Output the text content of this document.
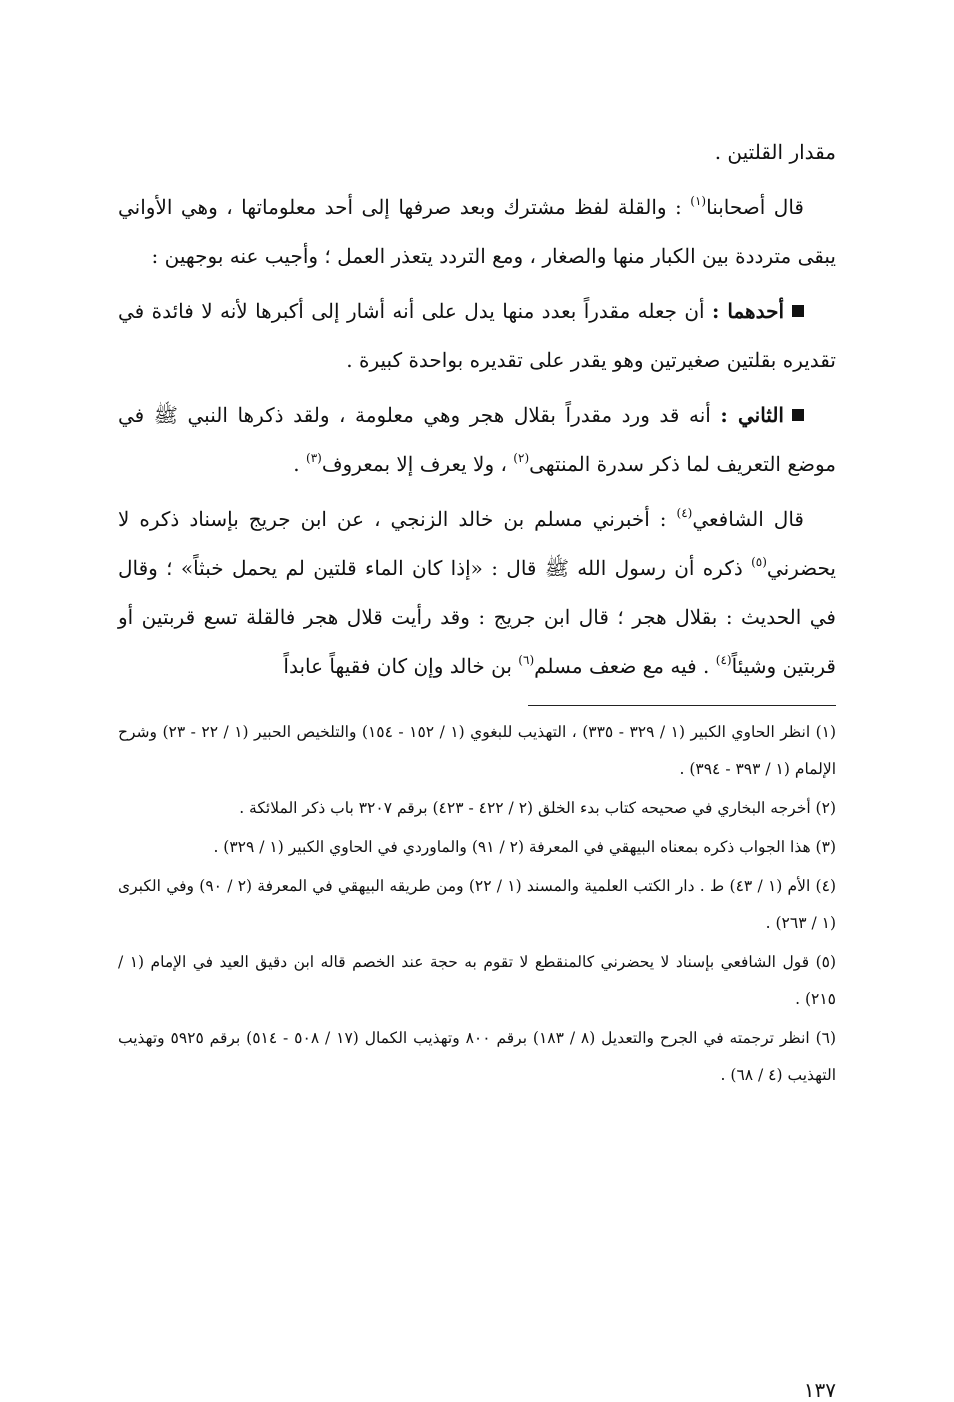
مقدار القلتين .

قال أصحابنا$^{(١)}$ : والقلة لفظ مشترك وبعد صرفها إلى أحد معلوماتها ، وهي الأواني يبقى مترددة بين الكبار منها والصغار ، ومع التردد يتعذر العمل ؛ وأجيب عنه بوجهين :

أحدهما : أن جعله مقدراً بعدد منها يدل على أنه أشار إلى أكبرها لأنه لا فائدة في تقديره بقلتين صغيرتين وهو يقدر على تقديره بواحدة كبيرة .

الثاني : أنه قد ورد مقدراً بقلال هجر وهي معلومة ، ولقد ذكرها النبي ﷺ في موضع التعريف لما ذكر سدرة المنتهى$^{(٢)}$ ، ولا يعرف إلا بمعروف$^{(٣)}$ .

قال الشافعي$^{(٤)}$ : أخبرني مسلم بن خالد الزنجي ، عن ابن جريج بإسناد ذكره لا يحضرني$^{(٥)}$ ذكره أن رسول الله ﷺ قال : «إذا كان الماء قلتين لم يحمل خبثاً» ؛ وقال في الحديث : بقلال هجر ؛ قال ابن جريج : وقد رأيت قلال هجر فالقلة تسع قربتين أو قربتين وشيئاً$^{(٤)}$ . فيه مع ضعف مسلم$^{(٦)}$ بن خالد وإن كان فقيهاً عابداً

(١) انظر الحاوي الكبير (١ / ٣٢٩ - ٣٣٥) ، التهذيب للبغوي (١ / ١٥٢ - ١٥٤) والتلخيص الحبير (١ / ٢٢ - ٢٣) وشرح الإلمام (١ / ٣٩٣ - ٣٩٤) .

(٢) أخرجه البخاري في صحيحه كتاب بدء الخلق (٢ / ٤٢٢ - ٤٢٣) برقم ٣٢٠٧ باب ذكر الملائكة .

(٣) هذا الجواب ذكره بمعناه البيهقي في المعرفة (٢ / ٩١) والماوردي في الحاوي الكبير (١ / ٣٢٩) .

(٤) الأم (١ / ٤٣) ط . دار الكتب العلمية والمسند (١ / ٢٢) ومن طريقه البيهقي في المعرفة (٢ / ٩٠) وفي الكبرى (١ / ٢٦٣) .

(٥) قول الشافعي بإسناد لا يحضرني كالمنقطع لا تقوم به حجة عند الخصم قاله ابن دقيق العيد في الإمام (١ / ٢١٥) .

(٦) انظر ترجمته في الجرح والتعديل (٨ / ١٨٣) برقم ٨٠٠ وتهذيب الكمال (١٧ / ٥٠٨ - ٥١٤) برقم ٥٩٢٥ وتهذيب التهذيب (٤ / ٦٨) .

١٣٧
